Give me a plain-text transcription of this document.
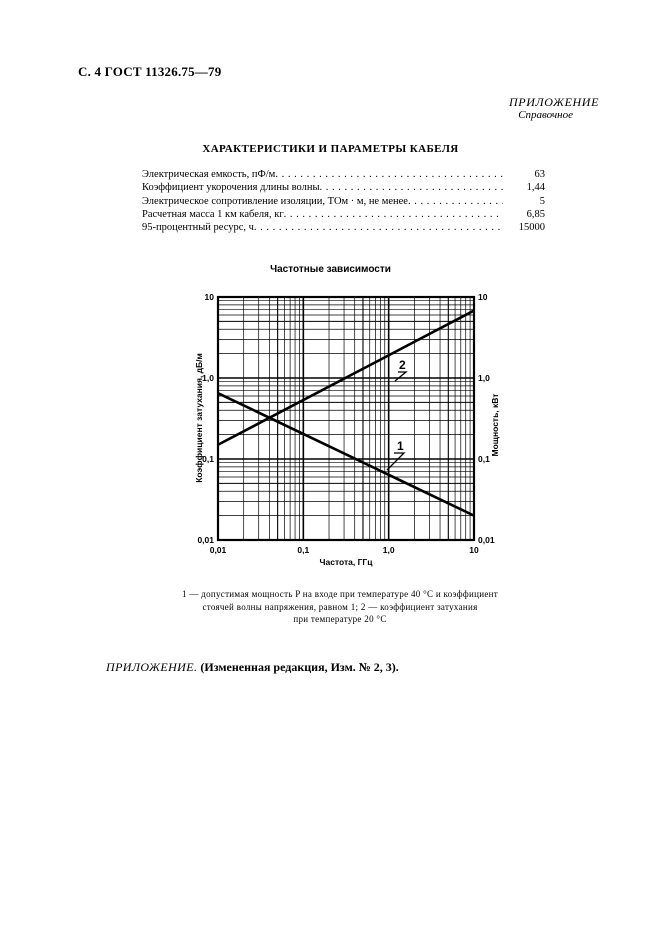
С. 4 ГОСТ 11326.75—79
ПРИЛОЖЕНИЕ
Справочное
ХАРАКТЕРИСТИКИ И ПАРАМЕТРЫ КАБЕЛЯ
Электрическая емкость, пФ/м . . .	63
Коэффициент укорочения длины волны . . .	1,44
Электрическое сопротивление изоляции, ТОм · м, не менее . . .	5
Расчетная масса 1 км кабеля, кг . . .	6,85
95-процентный ресурс, ч . . .	15000
Частотные зависимости
0,01	0,1	1,0	10
0,01
0,1
1,0
10
0,01
0,1
1,0
10
Частота, ГГц
Коэффициент затухания, дБ/м	Мощность, кВт
2
1
1 — допустимая мощность P на входе при температуре 40 °С и коэффициент
стоячей волны напряжения, равном 1; 2 — коэффициент затухания
при температуре 20 °С
ПРИЛОЖЕНИЕ. (Измененная редакция, Изм. № 2, 3).
